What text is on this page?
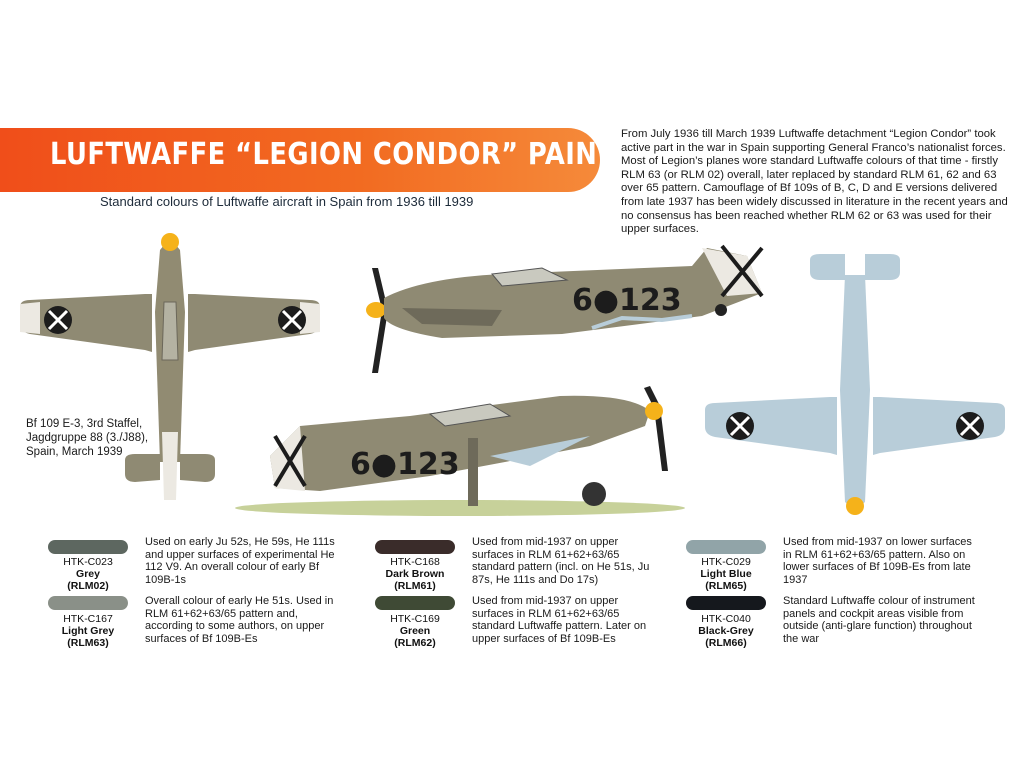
LUFTWAFFE “LEGION CONDOR” PAINT SET
Standard colours of Luftwaffe aircraft in Spain from 1936 till 1939
From July 1936 till March 1939 Luftwaffe detachment “Legion Condor” took active part in the war in Spain supporting General Franco’s nationalist forces. Most of Legion’s planes wore standard Luftwaffe colours of that time - firstly RLM 63 (or RLM 02) overall, later replaced by standard RLM 61, 62 and 63 over 65 pattern. Camouflage of Bf 109s of B, C, D and E versions delivered from late 1937 has been widely discussed in literature in the recent years and no consensus has been reached whether RLM 62 or 63 was used for their upper surfaces.
6●123
6●123
Bf 109 E-3, 3rd Staffel,
Jagdgruppe 88 (3./J88),
Spain, March 1939
HTK-C023
Grey
(RLM02)
Used on early Ju 52s, He 59s, He 111s and upper surfaces of experimental He 112 V9. An overall colour of early Bf 109B-1s
HTK-C167
Light Grey
(RLM63)
Overall colour of early He 51s. Used in RLM 61+62+63/65 pattern and, according to some authors, on upper surfaces of Bf 109B-Es
HTK-C168
Dark Brown
(RLM61)
Used from mid-1937 on upper surfaces in RLM 61+62+63/65 standard pattern (incl. on He 51s, Ju 87s, He 111s and Do 17s)
HTK-C169
Green
(RLM62)
Used from mid-1937 on upper surfaces in RLM 61+62+63/65 standard Luftwaffe pattern. Later on upper surfaces of Bf 109B-Es
HTK-C029
Light Blue
(RLM65)
Used from mid-1937 on lower surfaces in RLM 61+62+63/65 pattern. Also on lower surfaces of Bf 109B-Es from late 1937
HTK-C040
Black-Grey
(RLM66)
Standard Luftwaffe colour of instrument panels and cockpit areas visible from outside (anti-glare function) throughout the war
